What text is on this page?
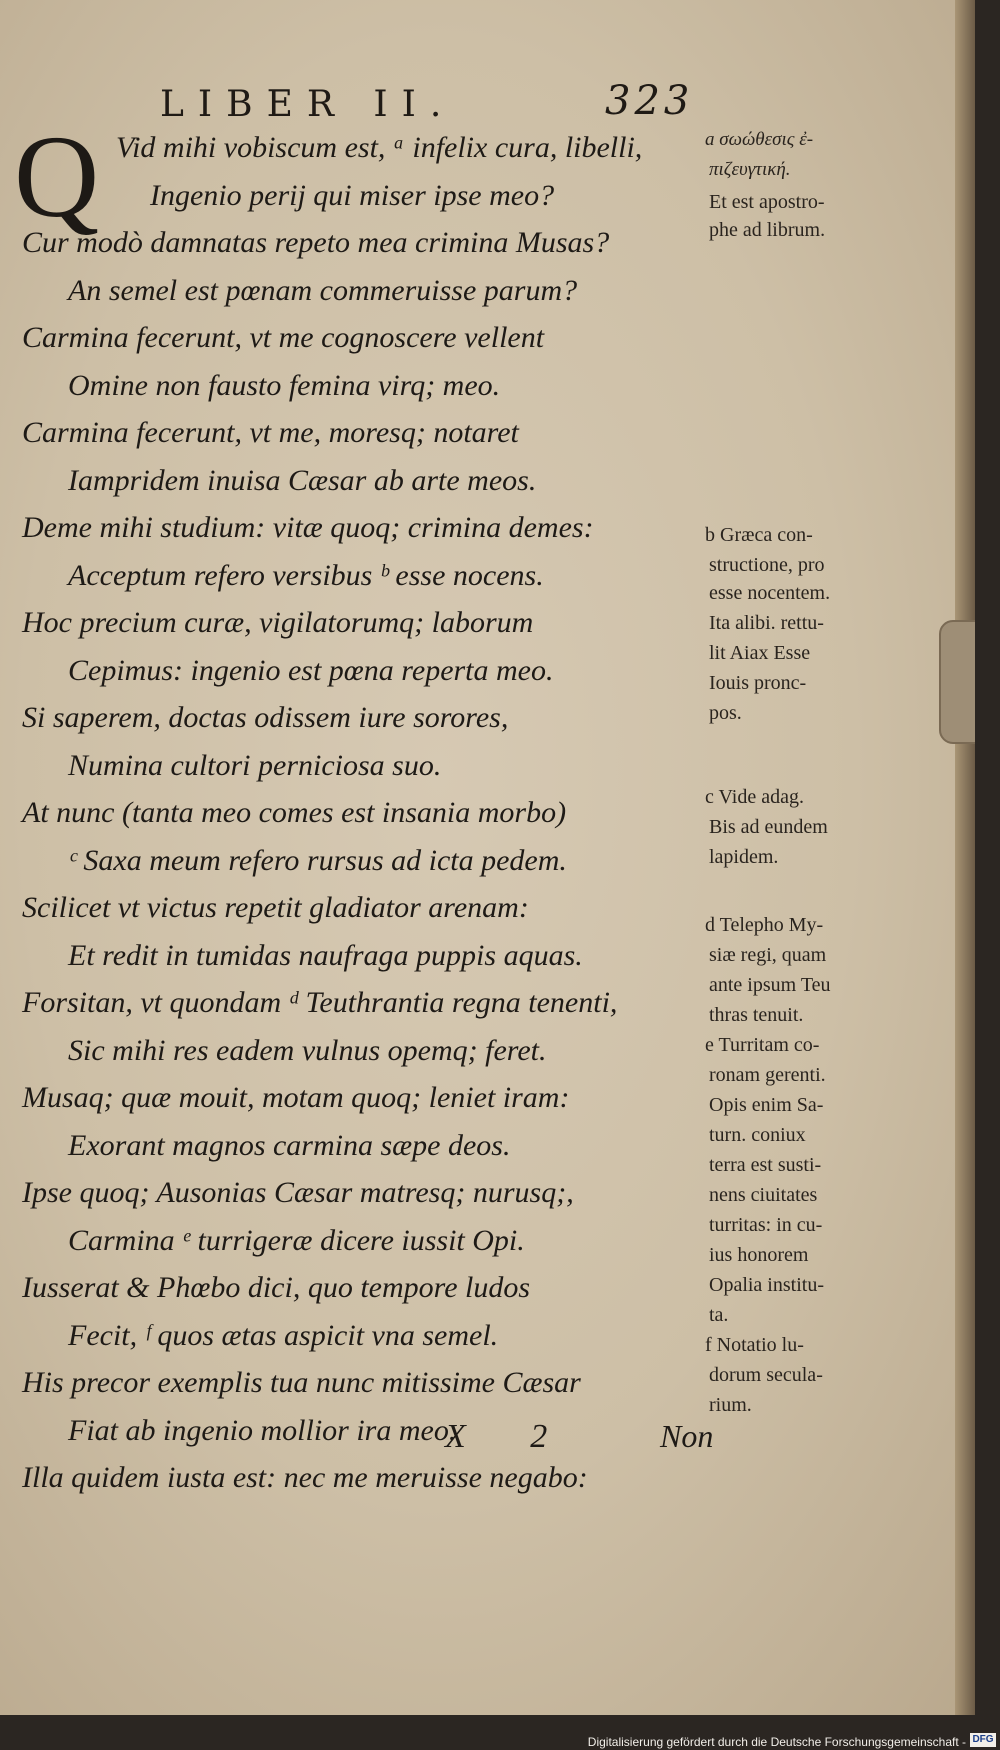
LIBER II.	323
Q Vid mihi vobiscum est, ᵃ infelix cura, libelli,
Ingenio perij qui miser ipse meo?
Cur modò damnatas repeto mea crimina Musas?
An semel est pœnam commeruisse parum?
Carmina fecerunt, vt me cognoscere vellent
Omine non fausto femina virq; meo.
Carmina fecerunt, vt me, moresq; notaret
Iampridem inuisa Cæsar ab arte meos.
Deme mihi studium: vitæ quoq; crimina demes:
Acceptum refero versibus ᵇ esse nocens.
Hoc precium curæ, vigilatorumq; laborum
Cepimus: ingenio est pœna reperta meo.
Si saperem, doctas odissem iure sorores,
Numina cultori perniciosa suo.
At nunc (tanta meo comes est insania morbo)
ᶜ Saxa meum refero rursus ad icta pedem.
Scilicet vt victus repetit gladiator arenam:
Et redit in tumidas naufraga puppis aquas.
Forsitan, vt quondam ᵈ Teuthrantia regna tenenti,
Sic mihi res eadem vulnus opemq; feret.
Musaq; quæ mouit, motam quoq; leniet iram:
Exorant magnos carmina sæpe deos.
Ipse quoq; Ausonias Cæsar matresq; nurusq;,
Carmina ᵉ turrigeræ dicere iussit Opi.
Iusserat & Phœbo dici, quo tempore ludos
Fecit, ᶠ quos ætas aspicit vna semel.
His precor exemplis tua nunc mitissime Cæsar
Fiat ab ingenio mollior ira meo.
Illa quidem iusta est: nec me meruisse negabo:
a σωώθεσις ἐ-
πιζευγτική.
Et est apostro-
phe ad librum.
b Græca con-
structione, pro
esse nocentem.
Ita alibi. rettu-
lit Aiax Esse
Iouis pronc-
pos.
c Vide adag.
Bis ad eundem
lapidem.
d Telepho My-
siæ regi, quam
ante ipsum Teu
thras tenuit.
e Turritam co-
ronam gerenti.
Opis enim Sa-
turn. coniux
terra est susti-
nens ciuitates
turritas: in cu-
ius honorem
Opalia institu-
ta.
f Notatio lu-
dorum secula-
rium.
X 2	Non
Digitalisierung gefördert durch die Deutsche Forschungsgemeinschaft - DFG
